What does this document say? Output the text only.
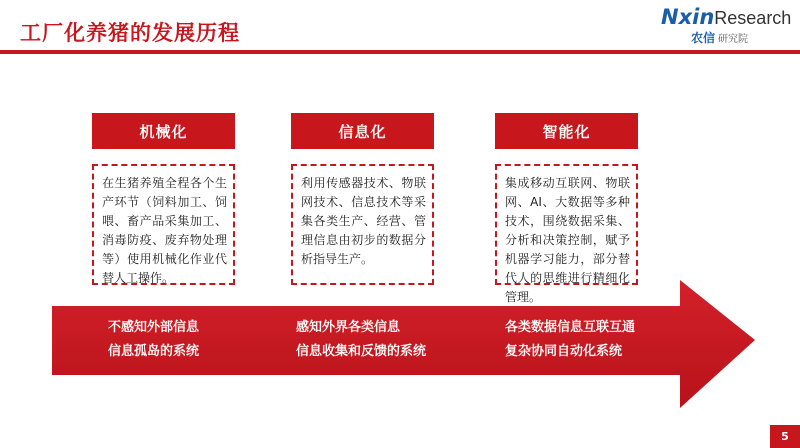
工厂化养猪的发展历程
NxinResearch
农信 研究院
机械化	信息化	智能化
在生猪养殖全程各个生产环节（饲料加工、饲喂、畜产品采集加工、消毒防疫、废弃物处理等）使用机械化作业代替人工操作。
利用传感器技术、物联网技术、信息技术等采集各类生产、经营、管理信息由初步的数据分析指导生产。
集成移动互联网、物联网、AI、大数据等多种技术，围绕数据采集、分析和决策控制，赋予机器学习能力，部分替代人的思维进行精细化管理。
不感知外部信息
信息孤岛的系统
感知外界各类信息
信息收集和反馈的系统
各类数据信息互联互通
复杂协同自动化系统
5
